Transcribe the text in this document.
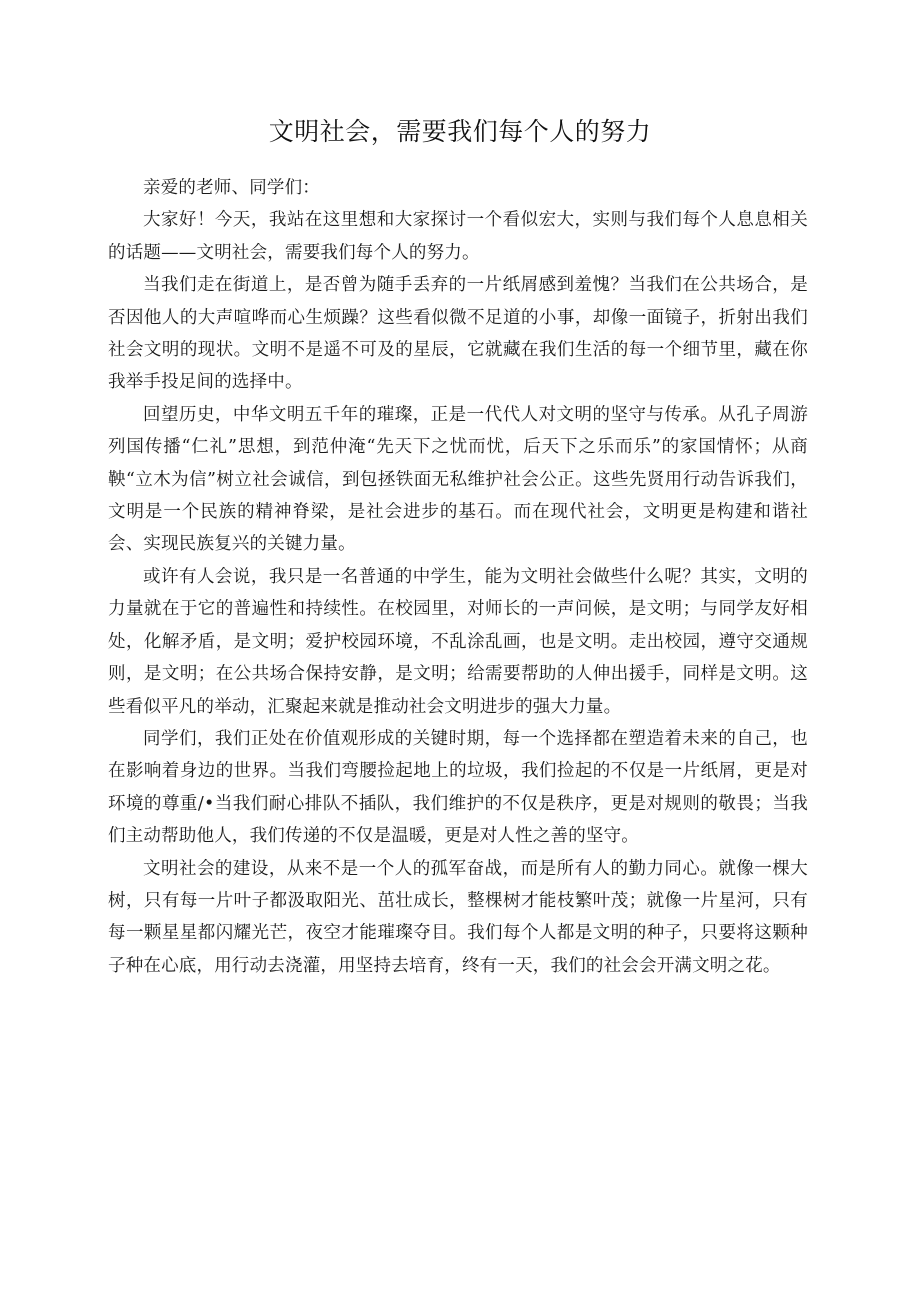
文明社会，需要我们每个人的努力

亲爱的老师、同学们：

大家好！今天，我站在这里想和大家探讨一个看似宏大，实则与我们每个人息息相关的话题——文明社会，需要我们每个人的努力。

当我们走在街道上，是否曾为随手丢弃的一片纸屑感到羞愧？当我们在公共场合，是否因他人的大声喧哗而心生烦躁？这些看似微不足道的小事，却像一面镜子，折射出我们社会文明的现状。文明不是遥不可及的星辰，它就藏在我们生活的每一个细节里，藏在你我举手投足间的选择中。

回望历史，中华文明五千年的璀璨，正是一代代人对文明的坚守与传承。从孔子周游列国传播“仁礼”思想，到范仲淹“先天下之忧而忧，后天下之乐而乐”的家国情怀；从商鞅“立木为信”树立社会诚信，到包拯铁面无私维护社会公正。这些先贤用行动告诉我们，文明是一个民族的精神脊梁，是社会进步的基石。而在现代社会，文明更是构建和谐社会、实现民族复兴的关键力量。

或许有人会说，我只是一名普通的中学生，能为文明社会做些什么呢？其实，文明的力量就在于它的普遍性和持续性。在校园里，对师长的一声问候，是文明；与同学友好相处，化解矛盾，是文明；爱护校园环境，不乱涂乱画，也是文明。走出校园，遵守交通规则，是文明；在公共场合保持安静，是文明；给需要帮助的人伸出援手，同样是文明。这些看似平凡的举动，汇聚起来就是推动社会文明进步的强大力量。

同学们，我们正处在价值观形成的关键时期，每一个选择都在塑造着未来的自己，也在影响着身边的世界。当我们弯腰捡起地上的垃圾，我们捡起的不仅是一片纸屑，更是对环境的尊重/•当我们耐心排队不插队，我们维护的不仅是秩序，更是对规则的敬畏；当我们主动帮助他人，我们传递的不仅是温暖，更是对人性之善的坚守。

文明社会的建设，从来不是一个人的孤军奋战，而是所有人的勤力同心。就像一棵大树，只有每一片叶子都汲取阳光、茁壮成长，整棵树才能枝繁叶茂；就像一片星河，只有每一颗星星都闪耀光芒，夜空才能璀璨夺目。我们每个人都是文明的种子，只要将这颗种子种在心底，用行动去浇灌，用坚持去培育，终有一天，我们的社会会开满文明之花。
